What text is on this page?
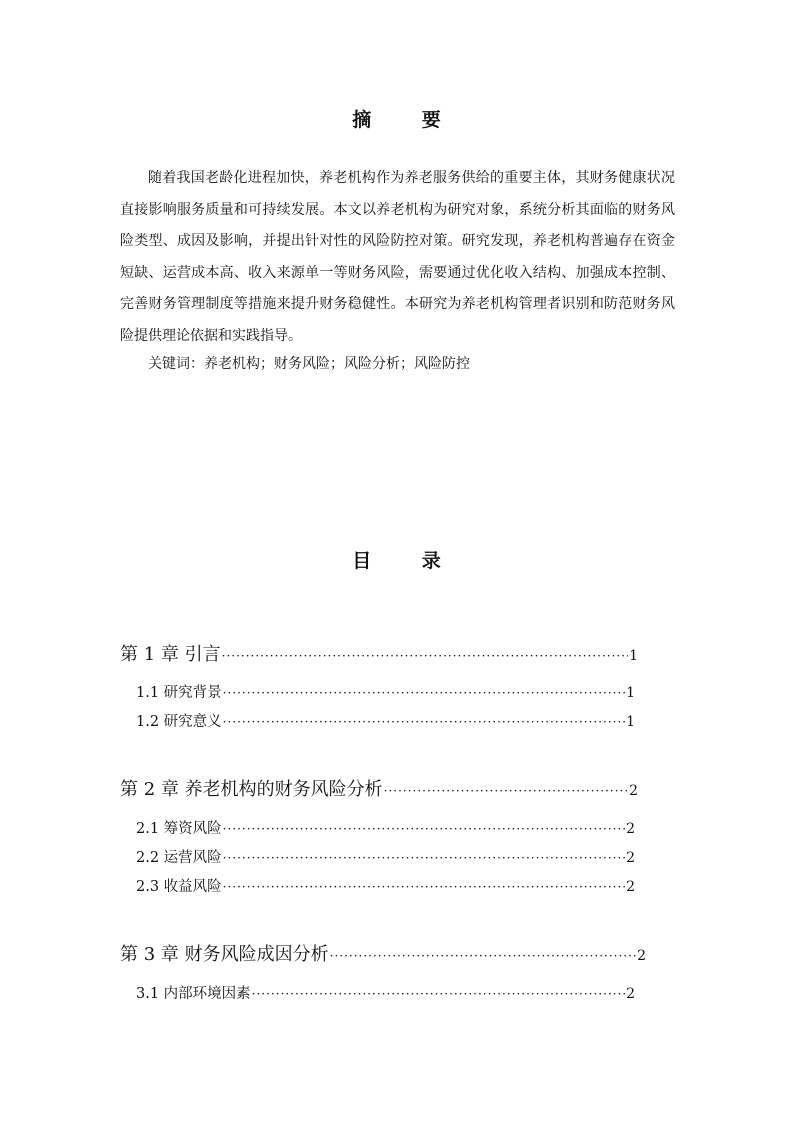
摘 要

随着我国老龄化进程加快，养老机构作为养老服务供给的重要主体，其财务健康状况直接影响服务质量和可持续发展。本文以养老机构为研究对象，系统分析其面临的财务风险类型、成因及影响，并提出针对性的风险防控对策。研究发现，养老机构普遍存在资金短缺、运营成本高、收入来源单一等财务风险，需要通过优化收入结构、加强成本控制、完善财务管理制度等措施来提升财务稳健性。本研究为养老机构管理者识别和防范财务风险提供理论依据和实践指导。

关键词：养老机构；财务风险；风险分析；风险防控

目 录
第 1 章 引言 ·····	1
1.1 研究背景 ·····	1
1.2 研究意义 ·····	1
第 2 章 养老机构的财务风险分析 ·····	2
2.1 筹资风险 ·····	2
2.2 运营风险 ·····	2
2.3 收益风险 ·····	2
第 3 章 财务风险成因分析 ·····	2
3.1 内部环境因素 ·····	2
